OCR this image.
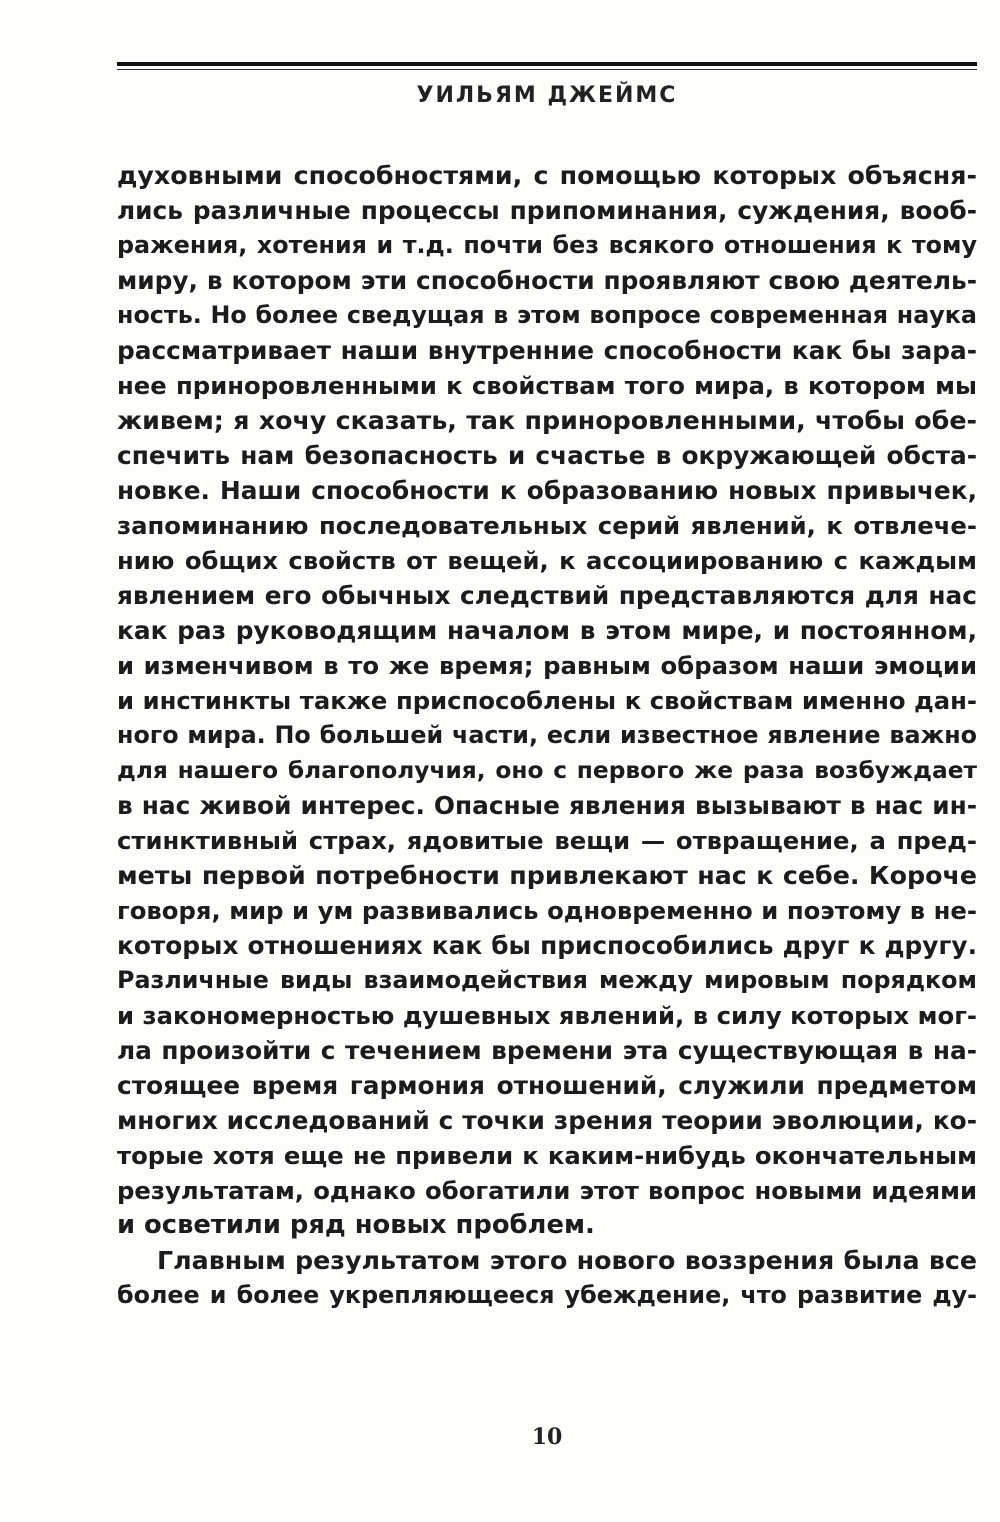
УИЛЬЯМ ДЖЕЙМС
духовными способностями, с помощью которых объясня-
лись различные процессы припоминания, суждения, вооб-
ражения, хотения и т.д. почти без всякого отношения к тому
миру, в котором эти способности проявляют свою деятель-
ность. Но более сведущая в этом вопросе современная наука
рассматривает наши внутренние способности как бы зара-
нее приноровленными к свойствам того мира, в котором мы
живем; я хочу сказать, так приноровленными, чтобы обе-
спечить нам безопасность и счастье в окружающей обста-
новке. Наши способности к образованию новых привычек,
запоминанию последовательных серий явлений, к отвлече-
нию общих свойств от вещей, к ассоциированию с каждым
явлением его обычных следствий представляются для нас
как раз руководящим началом в этом мире, и постоянном,
и изменчивом в то же время; равным образом наши эмоции
и инстинкты также приспособлены к свойствам именно дан-
ного мира. По большей части, если известное явление важно
для нашего благополучия, оно с первого же раза возбуждает
в нас живой интерес. Опасные явления вызывают в нас ин-
стинктивный страх, ядовитые вещи — отвращение, а пред-
меты первой потребности привлекают нас к себе. Короче
говоря, мир и ум развивались одновременно и поэтому в не-
которых отношениях как бы приспособились друг к другу.
Различные виды взаимодействия между мировым порядком
и закономерностью душевных явлений, в силу которых мог-
ла произойти с течением времени эта существующая в на-
стоящее время гармония отношений, служили предметом
многих исследований с точки зрения теории эволюции, ко-
торые хотя еще не привели к каким-нибудь окончательным
результатам, однако обогатили этот вопрос новыми идеями
и осветили ряд новых проблем.
Главным результатом этого нового воззрения была все
более и более укрепляющееся убеждение, что развитие ду-
10
